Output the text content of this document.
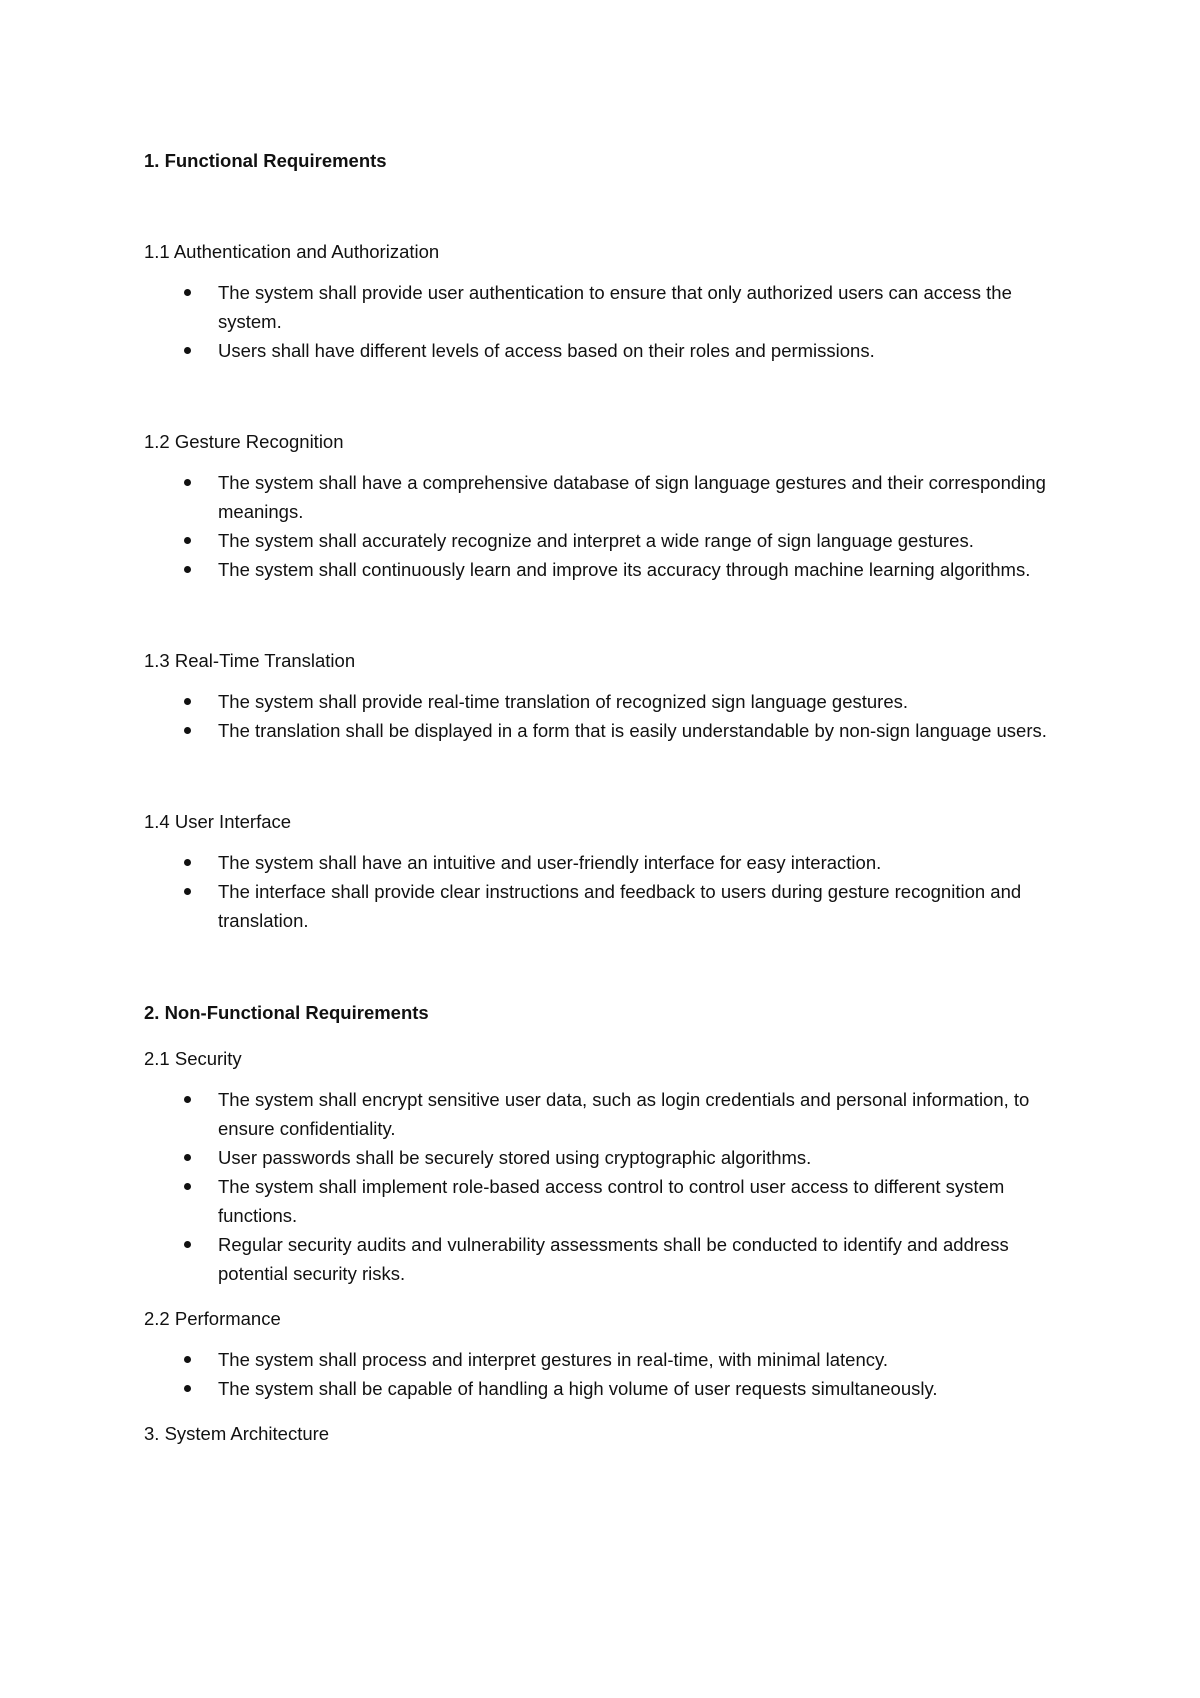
1. Functional Requirements

1.1 Authentication and Authorization

The system shall provide user authentication to ensure that only authorized users can access the system.
Users shall have different levels of access based on their roles and permissions.

1.2 Gesture Recognition

The system shall have a comprehensive database of sign language gestures and their corresponding meanings.
The system shall accurately recognize and interpret a wide range of sign language gestures.
The system shall continuously learn and improve its accuracy through machine learning algorithms.

1.3 Real-Time Translation

The system shall provide real-time translation of recognized sign language gestures.
The translation shall be displayed in a form that is easily understandable by non-sign language users.

1.4 User Interface

The system shall have an intuitive and user-friendly interface for easy interaction.
The interface shall provide clear instructions and feedback to users during gesture recognition and translation.

2. Non-Functional Requirements

2.1 Security

The system shall encrypt sensitive user data, such as login credentials and personal information, to ensure confidentiality.
User passwords shall be securely stored using cryptographic algorithms.
The system shall implement role-based access control to control user access to different system functions.
Regular security audits and vulnerability assessments shall be conducted to identify and address potential security risks.

2.2 Performance

The system shall process and interpret gestures in real-time, with minimal latency.
The system shall be capable of handling a high volume of user requests simultaneously.

3. System Architecture
